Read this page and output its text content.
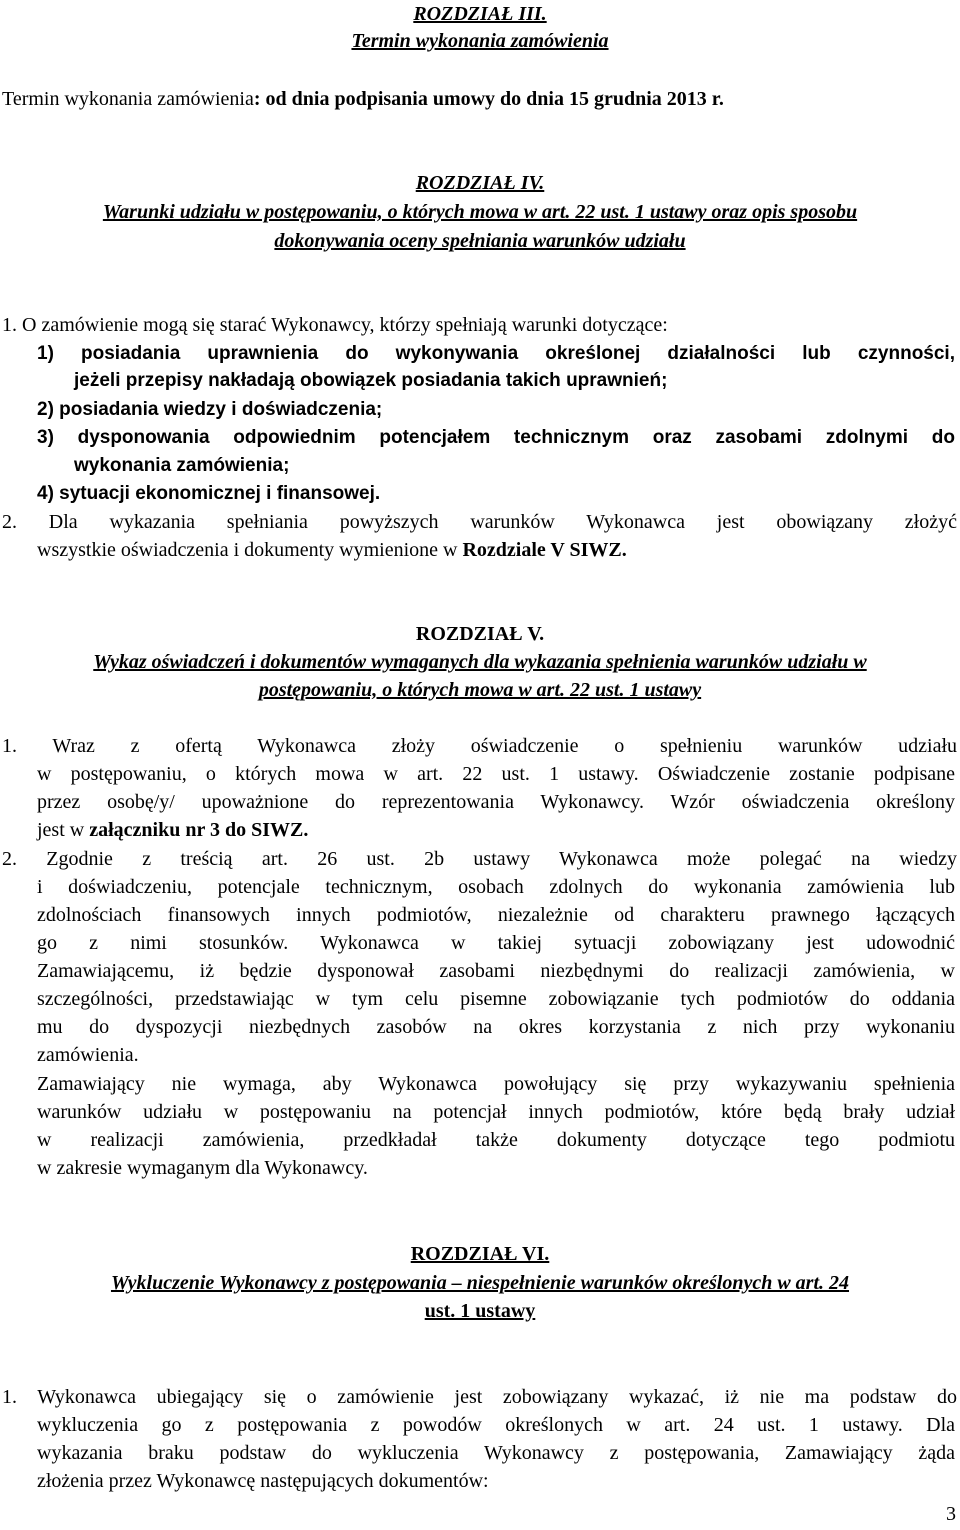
ROZDZIAŁ III.
Termin wykonania zamówienia
Termin wykonania zamówienia: od dnia podpisania umowy do dnia 15 grudnia 2013 r.
ROZDZIAŁ IV.
Warunki udziału w postępowaniu, o których mowa w art. 22 ust. 1 ustawy oraz opis sposobu
dokonywania oceny spełniania warunków udziału
1. O zamówienie mogą się starać Wykonawcy, którzy spełniają warunki dotyczące:
1) posiadania uprawnienia do wykonywania określonej działalności lub czynności,
jeżeli przepisy nakładają obowiązek posiadania takich uprawnień;
2) posiadania wiedzy i doświadczenia;
3) dysponowania odpowiednim potencjałem technicznym oraz zasobami zdolnymi do
wykonania zamówienia;
4) sytuacji ekonomicznej i finansowej.
2. Dla wykazania spełniania powyższych warunków Wykonawca jest obowiązany złożyć
wszystkie oświadczenia i dokumenty wymienione w Rozdziale V SIWZ.
ROZDZIAŁ V.
Wykaz oświadczeń i dokumentów wymaganych dla wykazania spełnienia warunków udziału w
postępowaniu, o których mowa w art. 22 ust. 1 ustawy
1. Wraz z ofertą Wykonawca złoży oświadczenie o spełnieniu warunków udziału
w postępowaniu, o których mowa w art. 22 ust. 1 ustawy. Oświadczenie zostanie podpisane
przez osobę/y/ upoważnione do reprezentowania Wykonawcy. Wzór oświadczenia określony
jest w załączniku nr 3 do SIWZ.
2. Zgodnie z treścią art. 26 ust. 2b ustawy Wykonawca może polegać na wiedzy
i doświadczeniu, potencjale technicznym, osobach zdolnych do wykonania zamówienia lub
zdolnościach finansowych innych podmiotów, niezależnie od charakteru prawnego łączących
go z nimi stosunków. Wykonawca w takiej sytuacji zobowiązany jest udowodnić
Zamawiającemu, iż będzie dysponował zasobami niezbędnymi do realizacji zamówienia, w
szczególności, przedstawiając w tym celu pisemne zobowiązanie tych podmiotów do oddania
mu do dyspozycji niezbędnych zasobów na okres korzystania z nich przy wykonaniu
zamówienia.
Zamawiający nie wymaga, aby Wykonawca powołujący się przy wykazywaniu spełnienia
warunków udziału w postępowaniu na potencjał innych podmiotów, które będą brały udział
w realizacji zamówienia, przedkładał także dokumenty dotyczące tego podmiotu
w zakresie wymaganym dla Wykonawcy.
ROZDZIAŁ VI.
Wykluczenie Wykonawcy z postępowania – niespełnienie warunków określonych w art. 24
ust. 1 ustawy
1. Wykonawca ubiegający się o zamówienie jest zobowiązany wykazać, iż nie ma podstaw do
wykluczenia go z postępowania z powodów określonych w art. 24 ust. 1 ustawy. Dla
wykazania braku podstaw do wykluczenia Wykonawcy z postępowania, Zamawiający żąda
złożenia przez Wykonawcę następujących dokumentów:
3
